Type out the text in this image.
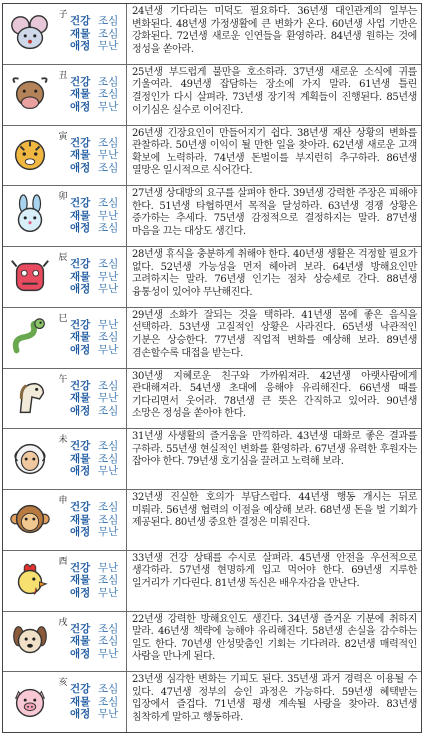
子
건강
재물
애정
조심
조심
무난
24년생 기다리는 미덕도 필요하다. 36년생 대인관계의 일부는 변화된다. 48년생 가정생활에 큰 변화가 온다. 60년생 사업 기반은 강화된다. 72년생 새로운 인연들을 환영하라. 84년생 원하는 것에 정성을 쏟아라.
丑
건강
재물
애정
조심
조심
무난
25년생 부드럽게 불만을 호소하라. 37년생 새로운 소식에 귀를 기울여라. 49년생 잡담하는 장소에 가지 말라. 61년생 틀린 결정인가 다시 살펴라. 73년생 장기적 계획들이 진행된다. 85년생 이기심은 실수로 이어진다.
寅
건강
재물
애정
조심
무난
조심
26년생 긴장요인이 만들어지기 쉽다. 38년생 재산 상황의 변화를 관찰하라. 50년생 이익이 될 만한 일을 찾아라. 62년생 새로운 고객 확보에 노력하라. 74년생 돈벌이를 부지런히 추구하라. 86년생 열망은 일시적으로 식어간다.
卯
건강
재물
애정
조심
무난
조심
27년생 상대방의 요구를 살펴야 한다. 39년생 강력한 주장은 피해야 한다. 51년생 타협하면서 목적을 달성하라. 63년생 경쟁 상황은 증가하는 추세다. 75년생 감정적으로 결정하지는 말라. 87년생 마음을 끄는 대상도 생긴다.
辰
건강
재물
애정
조심
무난
무난
28년생 휴식을 충분하게 취해야 한다. 40년생 생활은 걱정할 필요가 없다. 52년생 가능성을 먼저 헤아려 보라. 64년생 방해요인만 고려하지는 말라. 76년생 인기는 점차 상승세로 간다. 88년생 융통성이 있어야 무난해진다.
巳
건강
재물
애정
무난
조심
무난
29년생 소화가 잘되는 것을 택하라. 41년생 몸에 좋은 음식을 선택하라. 53년생 고질적인 상황은 사라진다. 65년생 낙관적인 기분은 상승한다. 77년생 직업적 변화를 예상해 보라. 89년생 겸손할수록 대접을 받는다.
午
건강
재물
애정
조심
무난
조심
30년생 지혜로운 친구와 가까워져라. 42년생 아랫사람에게 관대해져라. 54년생 초대에 응해야 유리해진다. 66년생 때를 기다리면서 웃어라. 78년생 큰 뜻은 간직하고 있어라. 90년생 소망은 정성을 쏟아야 한다.
未
건강
재물
애정
조심
조심
무난
31년생 사생활의 즐거움을 만끽하라. 43년생 대화로 좋은 결과를 구하라. 55년생 현실적인 변화를 환영하라. 67년생 유력한 후원자는 잡아야 한다. 79년생 호기심을 끌려고 노력해 보라.
申
건강
재물
애정
조심
조심
무난
32년생 진실한 호의가 부담스럽다. 44년생 행동 개시는 뒤로 미뤄라. 56년생 협력의 이점을 예상해 보라. 68년생 돈을 벌 기회가 제공된다. 80년생 중요한 결정은 미뤄진다.
酉
건강
재물
애정
무난
조심
무난
33년생 건강 상태를 수시로 살펴라. 45년생 안전을 우선적으로 생각하라. 57년생 현명하게 입고 먹어야 한다. 69년생 지루한 일거리가 기다린다. 81년생 독신은 배우자감을 만난다.
戌
건강
재물
애정
조심
조심
무난
22년생 강력한 방해요인도 생긴다. 34년생 즐거운 기분에 취하지 말라. 46년생 책략에 능해야 유리해진다. 58년생 손실을 감수하는 일도 한다. 70년생 안성맞춤인 기회는 기다려라. 82년생 매력적인 사람을 만나게 된다.
亥
건강
재물
애정
조심
조심
무난
23년생 심각한 변화는 기피도 된다. 35년생 과거 경력은 이용될 수 있다. 47년생 정부의 승인 과정은 가능하다. 59년생 혜택받는 입장에서 즐겁다. 71년생 평생 계속될 사랑을 찾아라. 83년생 침착하게 말하고 행동하라.
